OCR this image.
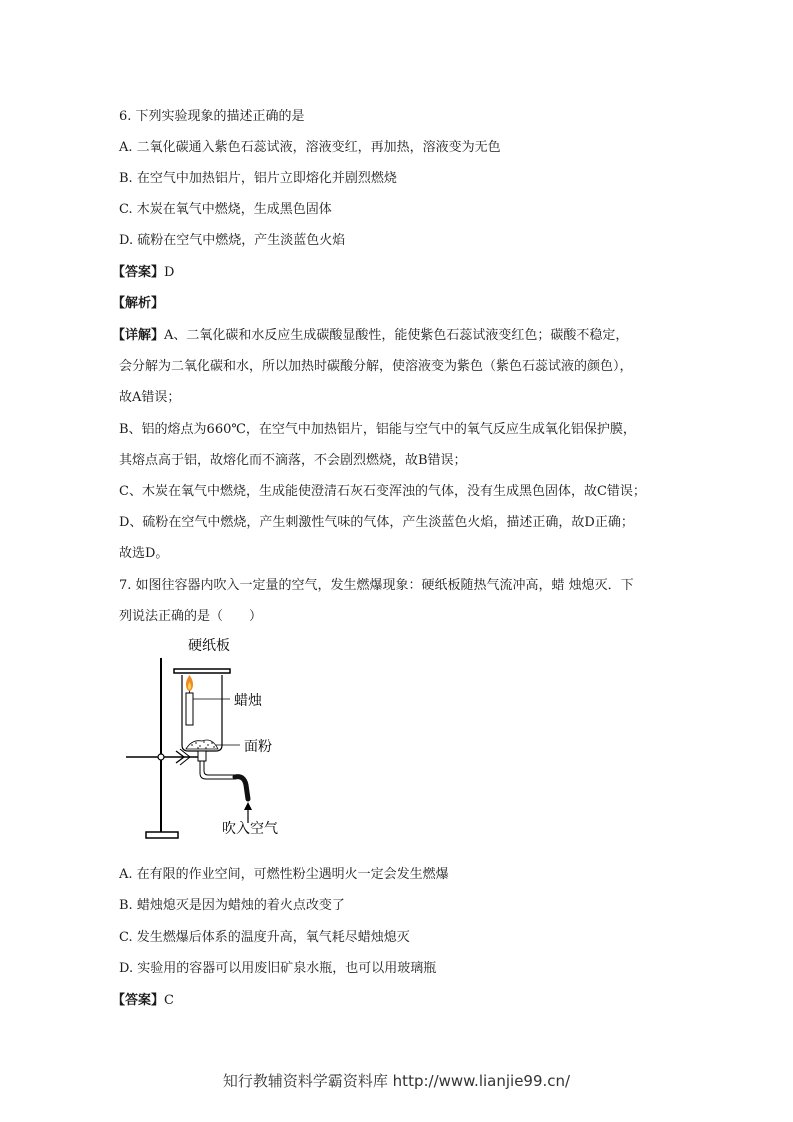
6. 下列实验现象的描述正确的是
A. 二氧化碳通入紫色石蕊试液，溶液变红，再加热，溶液变为无色
B. 在空气中加热铝片，铝片立即熔化并剧烈燃烧
C. 木炭在氧气中燃烧，生成黑色固体
D. 硫粉在空气中燃烧，产生淡蓝色火焰
【答案】D
【解析】
【详解】A、二氧化碳和水反应生成碳酸显酸性，能使紫色石蕊试液变红色；碳酸不稳定，
会分解为二氧化碳和水，所以加热时碳酸分解，使溶液变为紫色（紫色石蕊试液的颜色），
故A错误；
B、铝的熔点为660℃，在空气中加热铝片，铝能与空气中的氧气反应生成氧化铝保护膜，
其熔点高于铝，故熔化而不滴落，不会剧烈燃烧，故B错误；
C、木炭在氧气中燃烧，生成能使澄清石灰石变浑浊的气体，没有生成黑色固体，故C错误；
D、硫粉在空气中燃烧，产生刺激性气味的气体，产生淡蓝色火焰，描述正确，故D正确；
故选D。
7. 如图往容器内吹入一定量的空气，发生燃爆现象：硬纸板随热气流冲高，蜡 烛熄灭．下
列说法正确的是（　　）
硬纸板
蜡烛
面粉
吹入空气
A. 在有限的作业空间，可燃性粉尘遇明火一定会发生燃爆
B. 蜡烛熄灭是因为蜡烛的着火点改变了
C. 发生燃爆后体系的温度升高，氧气耗尽蜡烛熄灭
D. 实验用的容器可以用废旧矿泉水瓶，也可以用玻璃瓶
【答案】C
知行教辅资料学霸资料库 http://www.lianjie99.cn/
